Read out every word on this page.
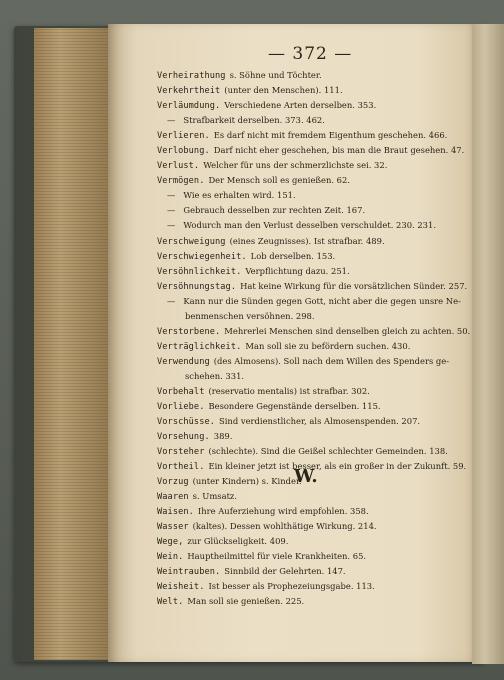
— 372 —
Verheirathung s. Söhne und Töchter.
Verkehrtheit (unter den Menschen). 111.
Verläumdung. Verschiedene Arten derselben. 353.
— Strafbarkeit derselben. 373. 462.
Verlieren. Es darf nicht mit fremdem Eigenthum geschehen. 466.
Verlobung. Darf nicht eher geschehen, bis man die Braut gesehen. 47.
Verlust. Welcher für uns der schmerzlichste sei. 32.
Vermögen. Der Mensch soll es genießen. 62.
— Wie es erhalten wird. 151.
— Gebrauch desselben zur rechten Zeit. 167.
— Wodurch man den Verlust desselben verschuldet. 230. 231.
Verschweigung (eines Zeugnisses). Ist strafbar. 489.
Verschwiegenheit. Lob derselben. 153.
Versöhnlichkeit. Verpflichtung dazu. 251.
Versöhnungstag. Hat keine Wirkung für die vorsätzlichen Sünder. 257.
— Kann nur die Sünden gegen Gott, nicht aber die gegen unsre Ne-
benmenschen versöhnen. 298.
Verstorbene. Mehrerlei Menschen sind denselben gleich zu achten. 50.
Verträglichkeit. Man soll sie zu befördern suchen. 430.
Verwendung (des Almosens). Soll nach dem Willen des Spenders ge-
schehen. 331.
Vorbehalt (reservatio mentalis) ist strafbar. 302.
Vorliebe. Besondere Gegenstände derselben. 115.
Vorschüsse. Sind verdienstlicher, als Almosenspenden. 207.
Vorsehung. 389.
Vorsteher (schlechte). Sind die Geißel schlechter Gemeinden. 138.
Vortheil. Ein kleiner jetzt ist besser, als ein großer in der Zukunft. 59.
Vorzug (unter Kindern) s. Kinder.
W.
Waaren s. Umsatz.
Waisen. Ihre Auferziehung wird empfohlen. 358.
Wasser (kaltes). Dessen wohlthätige Wirkung. 214.
Wege, zur Glückseligkeit. 409.
Wein. Hauptheilmittel für viele Krankheiten. 65.
Weintrauben. Sinnbild der Gelehrten. 147.
Weisheit. Ist besser als Prophezeiungsgabe. 113.
Welt. Man soll sie genießen. 225.
